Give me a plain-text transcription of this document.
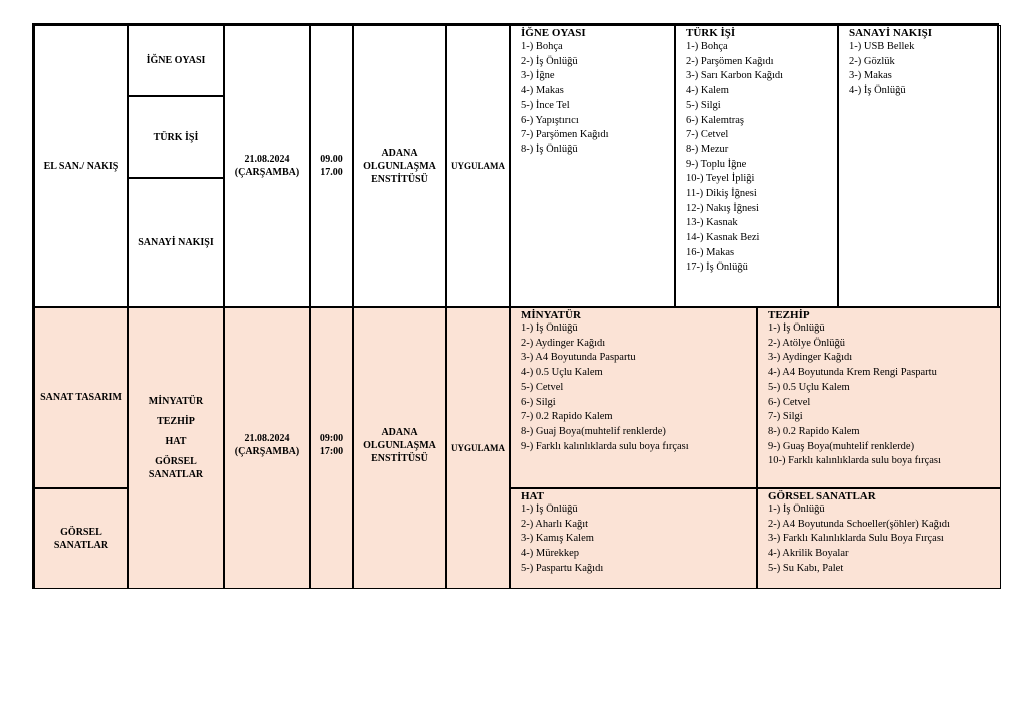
EL SAN./ NAKIŞ
İĞNE OYASI
TÜRK İŞİ
SANAYİ NAKIŞI
21.08.2024
(ÇARŞAMBA)
09.00
17.00
ADANA
OLGUNLAŞMA
ENSTİTÜSÜ
UYGULAMA
İĞNE OYASI
1-) Bohça
2-) İş Önlüğü
3-) İğne
4-) Makas
5-) İnce Tel
6-) Yapıştırıcı
7-) Parşömen Kağıdı
8-) İş Önlüğü
TÜRK İŞİ
1-) Bohça
2-) Parşömen Kağıdı
3-) Sarı Karbon Kağıdı
4-) Kalem
5-) Silgi
6-) Kalemtraş
7-) Cetvel
8-) Mezur
9-) Toplu İğne
10-) Teyel İpliği
11-) Dikiş İğnesi
12-) Nakış İğnesi
13-) Kasnak
14-) Kasnak Bezi
16-) Makas
17-) İş Önlüğü
SANAYİ NAKIŞI
1-) USB Bellek
2-) Gözlük
3-) Makas
4-) İş Önlüğü
SANAT TASARIM
GÖRSEL SANATLAR
MİNYATÜR
TEZHİP
HAT
GÖRSEL SANATLAR
21.08.2024
(ÇARŞAMBA)
09:00
17:00
ADANA
OLGUNLAŞMA
ENSTİTÜSÜ
UYGULAMA
MİNYATÜR
1-) İş Önlüğü
2-) Aydinger Kağıdı
3-) A4 Boyutunda Paspartu
4-) 0.5 Uçlu Kalem
5-) Cetvel
6-) Silgi
7-) 0.2 Rapido Kalem
8-) Guaj Boya(muhtelif renklerde)
9-) Farklı kalınlıklarda sulu boya fırçası
TEZHİP
1-) İş Önlüğü
2-) Atölye Önlüğü
3-) Aydinger Kağıdı
4-) A4 Boyutunda Krem Rengi Paspartu
5-) 0.5 Uçlu Kalem
6-) Cetvel
7-) Silgi
8-) 0.2 Rapido Kalem
9-) Guaş Boya(muhtelif renklerde)
10-) Farklı kalınlıklarda sulu boya fırçası
HAT
1-) İş Önlüğü
2-) Aharlı Kağıt
3-) Kamış Kalem
4-) Mürekkep
5-) Paspartu Kağıdı
GÖRSEL SANATLAR
1-) İş Önlüğü
2-) A4 Boyutunda Schoeller(şöhler) Kağıdı
3-) Farklı Kalınlıklarda Sulu Boya Fırçası
4-) Akrilik Boyalar
5-) Su Kabı, Palet
